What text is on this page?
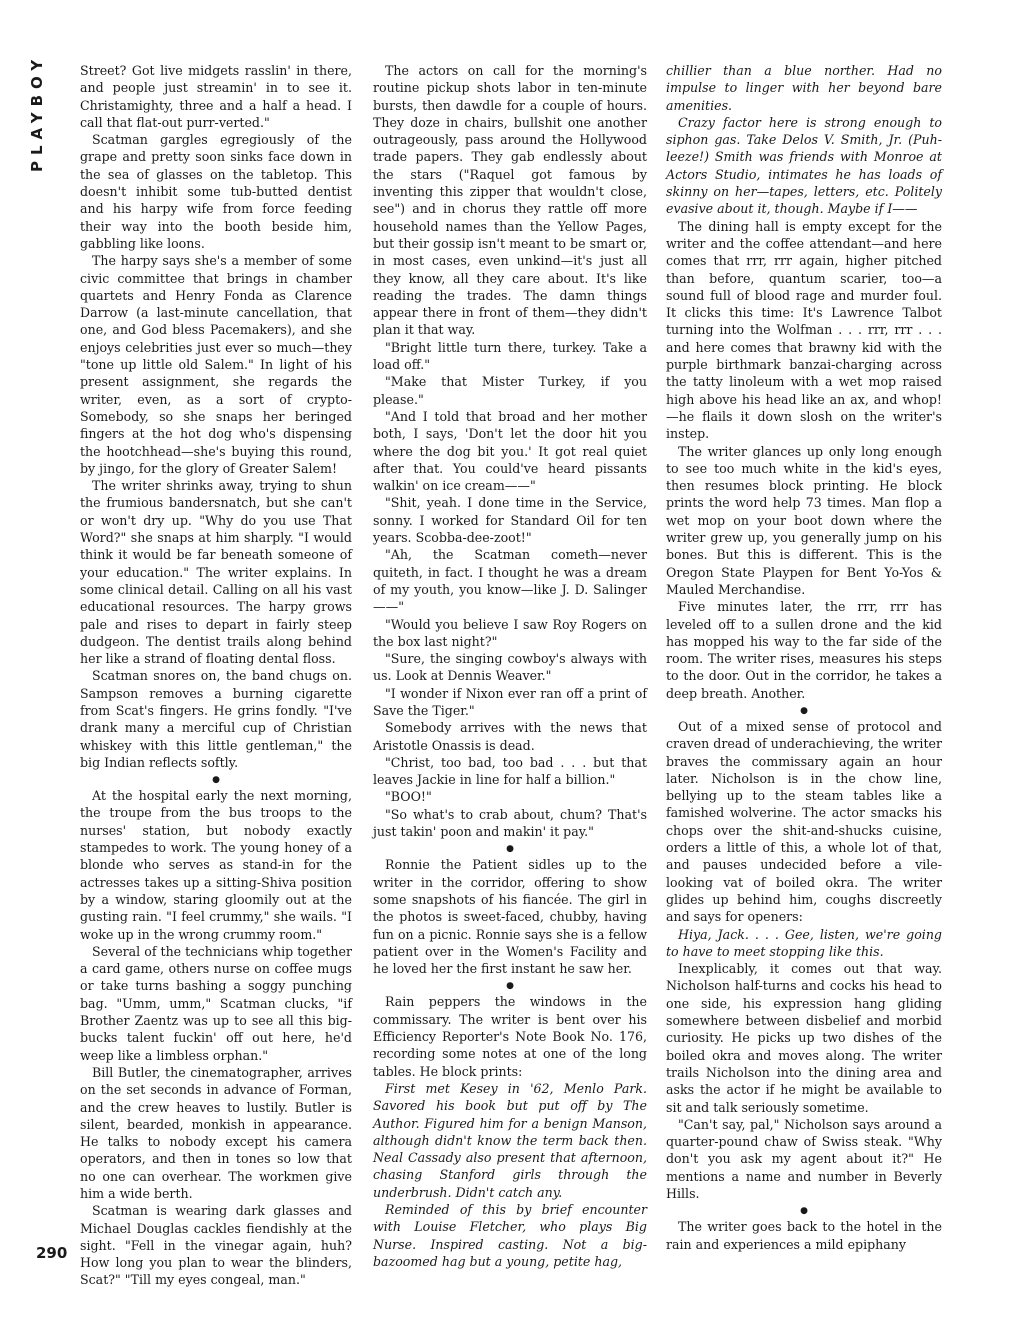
PLAYBOY
290

Street? Got live midgets rasslin' in there, and people just streamin' in to see it. Christamighty, three and a half a head. I call that flat-out purr-verted."

Scatman gargles egregiously of the grape and pretty soon sinks face down in the sea of glasses on the tabletop. This doesn't inhibit some tub-butted dentist and his harpy wife from force feeding their way into the booth beside him, gabbling like loons.

The harpy says she's a member of some civic committee that brings in chamber quartets and Henry Fonda as Clarence Darrow (a last-minute cancellation, that one, and God bless Pacemakers), and she enjoys celebrities just ever so much—they "tone up little old Salem." In light of his present assignment, she regards the writer, even, as a sort of crypto-Somebody, so she snaps her beringed fingers at the hot dog who's dispensing the hootchhead—she's buying this round, by jingo, for the glory of Greater Salem!

The writer shrinks away, trying to shun the frumious bandersnatch, but she can't or won't dry up. "Why do you use That Word?" she snaps at him sharply. "I would think it would be far beneath someone of your education." The writer explains. In some clinical detail. Calling on all his vast educational resources. The harpy grows pale and rises to depart in fairly steep dudgeon. The dentist trails along behind her like a strand of floating dental floss.

Scatman snores on, the band chugs on. Sampson removes a burning cigarette from Scat's fingers. He grins fondly. "I've drank many a merciful cup of Christian whiskey with this little gentleman," the big Indian reflects softly.

●

At the hospital early the next morning, the troupe from the bus troops to the nurses' station, but nobody exactly stampedes to work. The young honey of a blonde who serves as stand-in for the actresses takes up a sitting-Shiva position by a window, staring gloomily out at the gusting rain. "I feel crummy," she wails. "I woke up in the wrong crummy room."

Several of the technicians whip together a card game, others nurse on coffee mugs or take turns bashing a soggy punching bag. "Umm, umm," Scatman clucks, "if Brother Zaentz was up to see all this big-bucks talent fuckin' off out here, he'd weep like a limbless orphan."

Bill Butler, the cinematographer, arrives on the set seconds in advance of Forman, and the crew heaves to lustily. Butler is silent, bearded, monkish in appearance. He talks to nobody except his camera operators, and then in tones so low that no one can overhear. The workmen give him a wide berth.

Scatman is wearing dark glasses and Michael Douglas cackles fiendishly at the sight. "Fell in the vinegar again, huh? How long you plan to wear the blinders, Scat?" "Till my eyes congeal, man."

The actors on call for the morning's routine pickup shots labor in ten-minute bursts, then dawdle for a couple of hours. They doze in chairs, bullshit one another outrageously, pass around the Hollywood trade papers. They gab endlessly about the stars ("Raquel got famous by inventing this zipper that wouldn't close, see") and in chorus they rattle off more household names than the Yellow Pages, but their gossip isn't meant to be smart or, in most cases, even unkind—it's just all they know, all they care about. It's like reading the trades. The damn things appear there in front of them—they didn't plan it that way.

"Bright little turn there, turkey. Take a load off."

"Make that Mister Turkey, if you please."

"And I told that broad and her mother both, I says, 'Don't let the door hit you where the dog bit you.' It got real quiet after that. You could've heard pissants walkin' on ice cream——"

"Shit, yeah. I done time in the Service, sonny. I worked for Standard Oil for ten years. Scobba-dee-zoot!"

"Ah, the Scatman cometh—never quiteth, in fact. I thought he was a dream of my youth, you know—like J. D. Salinger——"

"Would you believe I saw Roy Rogers on the box last night?"

"Sure, the singing cowboy's always with us. Look at Dennis Weaver."

"I wonder if Nixon ever ran off a print of Save the Tiger."

Somebody arrives with the news that Aristotle Onassis is dead.

"Christ, too bad, too bad . . . but that leaves Jackie in line for half a billion."

"BOO!"

"So what's to crab about, chum? That's just takin' poon and makin' it pay."

●

Ronnie the Patient sidles up to the writer in the corridor, offering to show some snapshots of his fiancée. The girl in the photos is sweet-faced, chubby, having fun on a picnic. Ronnie says she is a fellow patient over in the Women's Facility and he loved her the first instant he saw her.

●

Rain peppers the windows in the commissary. The writer is bent over his Efficiency Reporter's Note Book No. 176, recording some notes at one of the long tables. He block prints:

First met Kesey in '62, Menlo Park. Savored his book but put off by The Author. Figured him for a benign Manson, although didn't know the term back then. Neal Cassady also present that afternoon, chasing Stanford girls through the underbrush. Didn't catch any.

Reminded of this by brief encounter with Louise Fletcher, who plays Big Nurse. Inspired casting. Not a big-bazoomed hag but a young, petite hag,

chillier than a blue norther. Had no impulse to linger with her beyond bare amenities.

Crazy factor here is strong enough to siphon gas. Take Delos V. Smith, Jr. (Puh-leeze!) Smith was friends with Monroe at Actors Studio, intimates he has loads of skinny on her—tapes, letters, etc. Politely evasive about it, though. Maybe if I——

The dining hall is empty except for the writer and the coffee attendant—and here comes that rrr, rrr again, higher pitched than before, quantum scarier, too—a sound full of blood rage and murder foul. It clicks this time: It's Lawrence Talbot turning into the Wolfman . . . rrr, rrr . . . and here comes that brawny kid with the purple birthmark banzai-charging across the tatty linoleum with a wet mop raised high above his head like an ax, and whop!—he flails it down slosh on the writer's instep.

The writer glances up only long enough to see too much white in the kid's eyes, then resumes block printing. He block prints the word help 73 times. Man flop a wet mop on your boot down where the writer grew up, you generally jump on his bones. But this is different. This is the Oregon State Playpen for Bent Yo-Yos & Mauled Merchandise.

Five minutes later, the rrr, rrr has leveled off to a sullen drone and the kid has mopped his way to the far side of the room. The writer rises, measures his steps to the door. Out in the corridor, he takes a deep breath. Another.

●

Out of a mixed sense of protocol and craven dread of underachieving, the writer braves the commissary again an hour later. Nicholson is in the chow line, bellying up to the steam tables like a famished wolverine. The actor smacks his chops over the shit-and-shucks cuisine, orders a little of this, a whole lot of that, and pauses undecided before a vile-looking vat of boiled okra. The writer glides up behind him, coughs discreetly and says for openers:

Hiya, Jack. . . . Gee, listen, we're going to have to meet stopping like this.

Inexplicably, it comes out that way. Nicholson half-turns and cocks his head to one side, his expression hang gliding somewhere between disbelief and morbid curiosity. He picks up two dishes of the boiled okra and moves along. The writer trails Nicholson into the dining area and asks the actor if he might be available to sit and talk seriously sometime.

"Can't say, pal," Nicholson says around a quarter-pound chaw of Swiss steak. "Why don't you ask my agent about it?" He mentions a name and number in Beverly Hills.

●

The writer goes back to the hotel in the rain and experiences a mild epiphany
